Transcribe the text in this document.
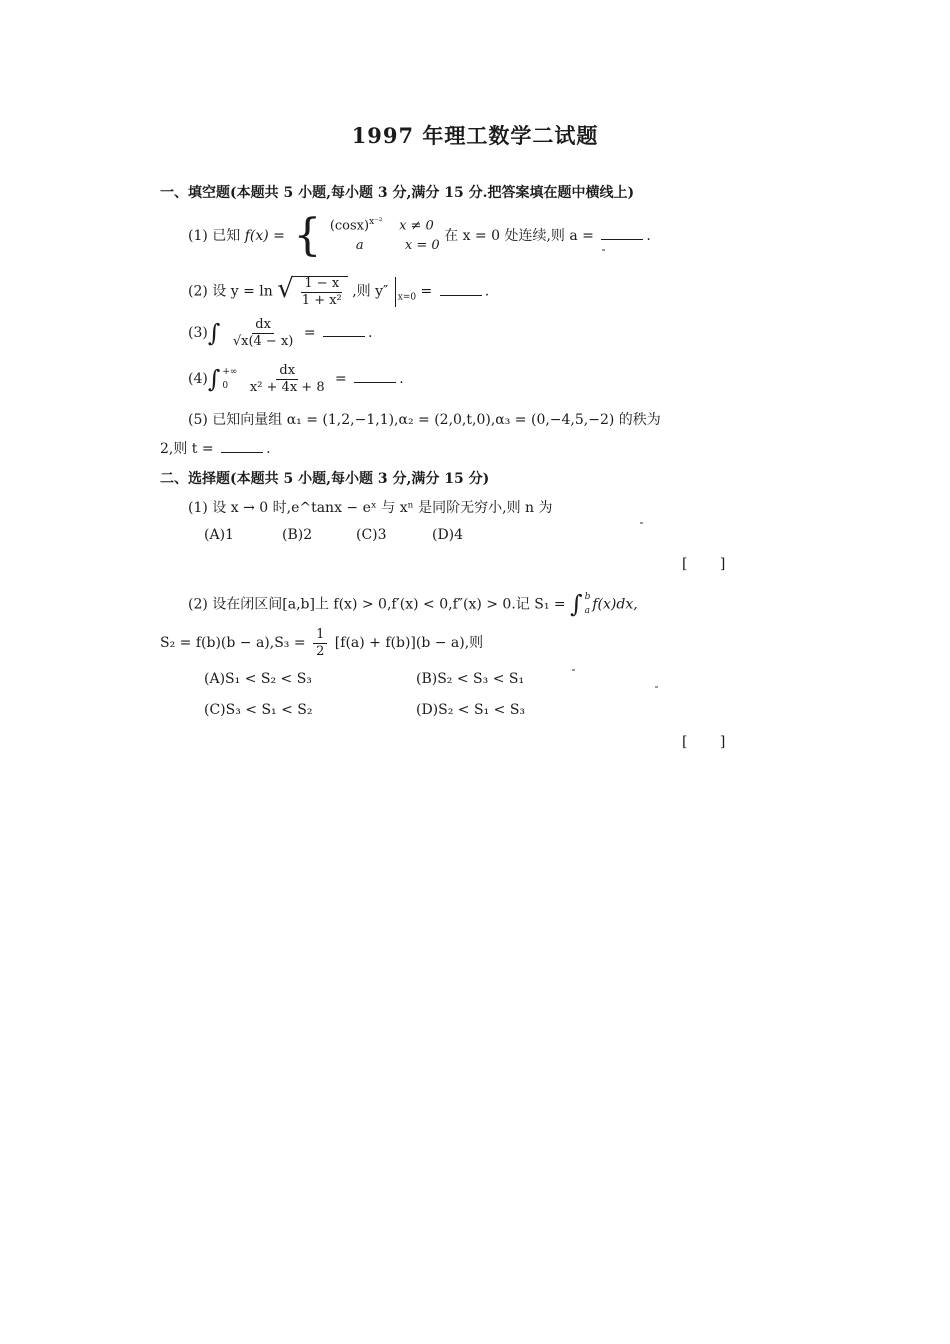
1997 年理工数学二试题
一、填空题(本题共 5 小题,每小题 3 分,满分 15 分.把答案填在题中横线上)
(1) 已知 f(x) = { $(\cos x)^{x^{-2}}$ x ≠ 0
a	x = 0
在 x = 0 处连续,则 a =	.
(2) 设 y = ln √ $\frac{1 - x}{\text{1 + x²}}$ ,则 y″ $_{x=0}$ =	.
$(3)\int \frac{dx}{√x(4 - x)}$ =	.
(4)∫ +∞
0
	$\frac{dx}{\text{x² + 4x + 8}}$ =	.
(5) 已知向量组 α₁ = (1,2,−1,1),α₂ = (2,0,t,0),α₃ = (0,−4,5,−2) 的秩为
2,则 t =	.
二、选择题(本题共 5 小题,每小题 3 分,满分 15 分)
(1) 设 x → 0 时,e^tanx − eˣ 与 xⁿ 是同阶无穷小,则 n 为
(A)1	(B)2	(C)3	(D)4
[ ]
(2) 设在闭区间[a,b]上 f(x) > 0,f′(x) < 0,f″(x) > 0.记 S₁ = ∫ b
a f(x)dx,
$S_2 = f(b)(b - a),S_3 = \frac{1}{2} [f(a) + f(b)](b - a)$,则
(A)S₁ < S₂ < S₃	(B)S₂ < S₃ < S₁
(C)S₃ < S₁ < S₂	(D)S₂ < S₁ < S₃
[ ]
